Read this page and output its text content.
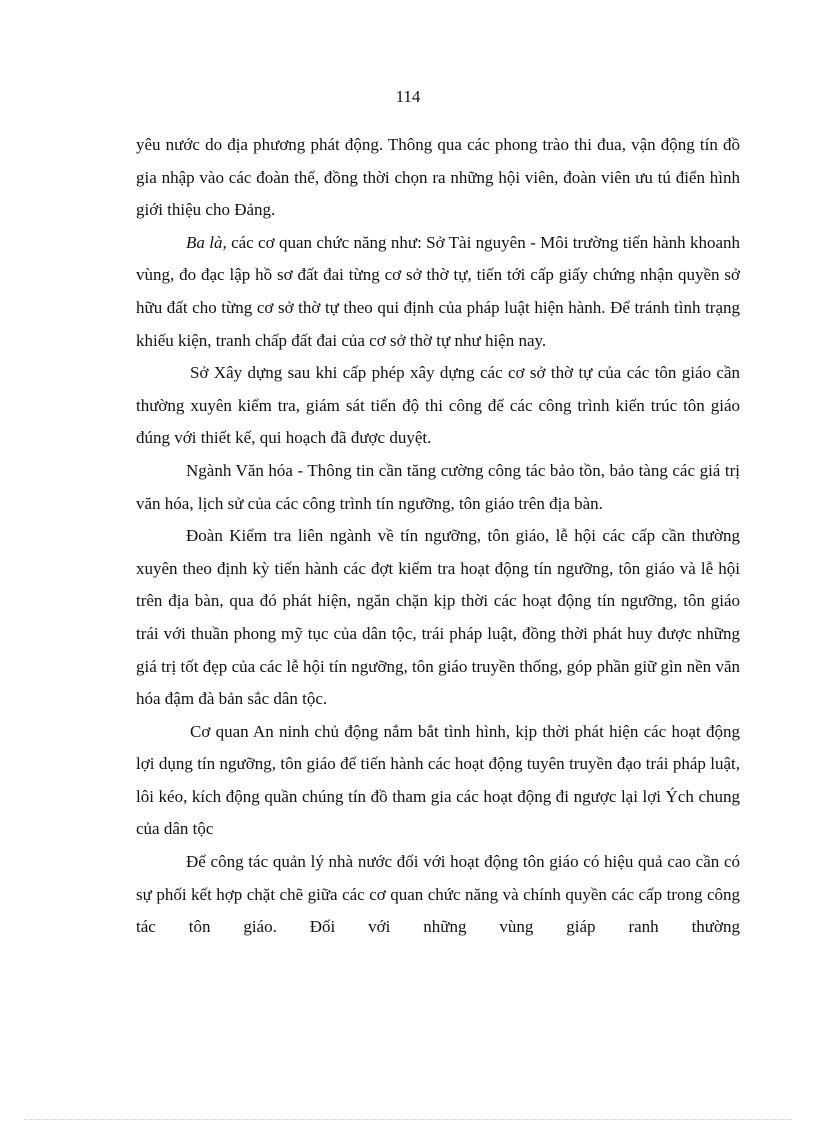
114

yêu nước do địa phương phát động. Thông qua các phong trào thi đua, vận động tín đồ gia nhập vào các đoàn thể, đồng thời chọn ra những hội viên, đoàn viên ưu tú điển hình giới thiệu cho Đảng.

Ba là, các cơ quan chức năng như: Sở Tài nguyên - Môi trường tiến hành khoanh vùng, đo đạc lập hồ sơ đất đai từng cơ sở thờ tự, tiến tới cấp giấy chứng nhận quyền sở hữu đất cho từng cơ sở thờ tự theo qui định của pháp luật hiện hành. Để tránh tình trạng khiếu kiện, tranh chấp đất đai của cơ sở thờ tự như hiện nay.

Sở Xây dựng sau khi cấp phép xây dựng các cơ sở thờ tự của các tôn giáo cần thường xuyên kiểm tra, giám sát tiến độ thi công để các công trình kiến trúc tôn giáo đúng với thiết kế, qui hoạch đã được duyệt.

Ngành Văn hóa - Thông tin cần tăng cường công tác bảo tồn, bảo tàng các giá trị văn hóa, lịch sử của các công trình tín ngưỡng, tôn giáo trên địa bàn.

Đoàn Kiểm tra liên ngành về tín ngưỡng, tôn giáo, lễ hội các cấp cần thường xuyên theo định kỳ tiến hành các đợt kiểm tra hoạt động tín ngưỡng, tôn giáo và lễ hội trên địa bàn, qua đó phát hiện, ngăn chặn kịp thời các hoạt động tín ngưỡng, tôn giáo trái với thuần phong mỹ tục của dân tộc, trái pháp luật, đồng thời phát huy được những giá trị tốt đẹp của các lễ hội tín ngưỡng, tôn giáo truyền thống, góp phần giữ gìn nền văn hóa đậm đà bản sắc dân tộc.

Cơ quan An ninh chủ động nắm bắt tình hình, kịp thời phát hiện các hoạt động lợi dụng tín ngưỡng, tôn giáo để tiến hành các hoạt động tuyên truyền đạo trái pháp luật, lôi kéo, kích động quần chúng tín đồ tham gia các hoạt động đi ngược lại lợi Ých chung của dân tộc

Để công tác quản lý nhà nước đối với hoạt động tôn giáo có hiệu quả cao cần có sự phối kết hợp chặt chẽ giữa các cơ quan chức năng và chính quyền các cấp trong công tác tôn giáo. Đối với những vùng giáp ranh thường
